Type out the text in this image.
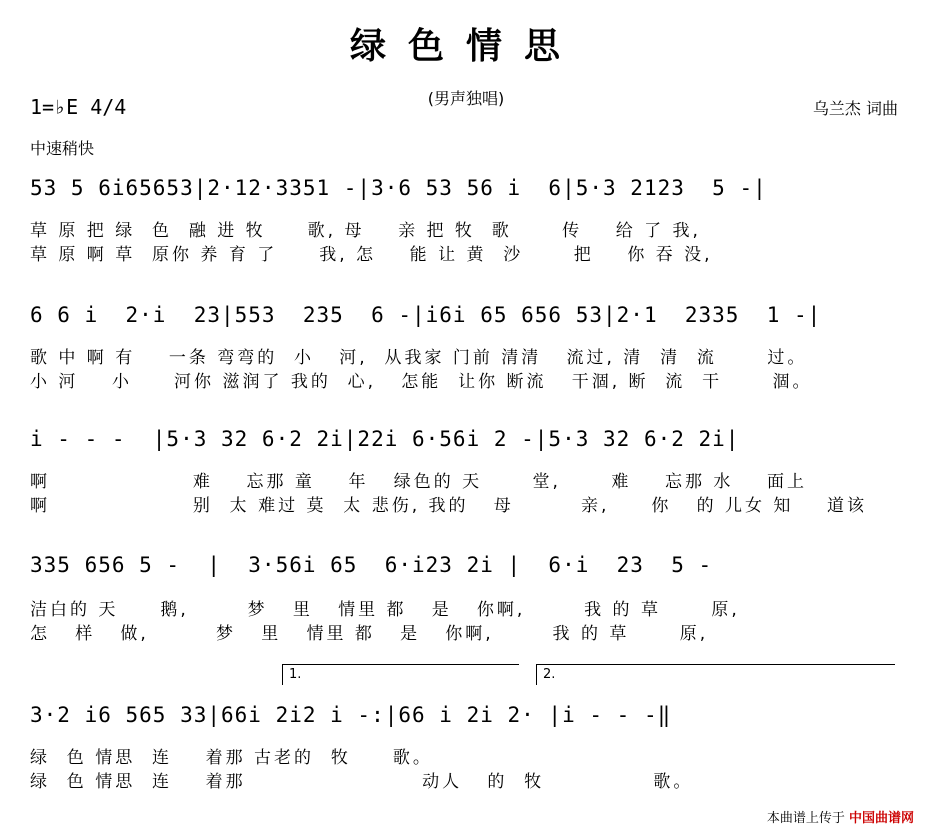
绿色情思
(男声独唱)
1=♭E 4/4	乌兰杰 词曲
中速稍快
53 5 6i65653|2·12·3351 -|3·6 53 56 i  6|5·3 2123  5 -|
草 原 把 绿  色  融 进 牧     歌, 母    亲 把 牧  歌      传    给 了 我,
草 原 啊 草  原你 养 育 了     我, 怎    能 让 黄  沙      把    你 吞 没,
6 6 i  2·i  23|553  235  6 -|i6i 65 656 53|2·1  2335  1 -|
歌 中 啊 有    一条 弯弯的  小   河,  从我家 门前 清清   流过, 清  清  流      过。
小 河    小     河你 滋润了 我的  心,   怎能  让你 断流   干涸, 断  流  干      涸。
i - - -  |5·3 32 6·2 2i|22i 6·56i 2 -|5·3 32 6·2 2i|
啊                 难    忘那 童    年   绿色的 天      堂,      难    忘那 水    面上
啊                 别  太 难过 莫  太 悲伤, 我的   母        亲,     你   的 儿女 知    道该
335 656 5 -  |  3·56i 65  6·i23 2i |  6·i  23  5 -
洁白的 天     鹅,       梦   里   情里 都   是   你啊,       我 的 草      原,
怎   样   做,        梦   里   情里 都   是   你啊,       我 的 草      原,
1.	2.
3·2 i6 565 33|66i 2i2 i -:|66 i 2i 2· |i - - -‖
绿  色 情思  连    着那 古老的  牧     歌。
绿  色 情思  连    着那                     动人   的  牧             歌。
本曲谱上传于 中国曲谱网
